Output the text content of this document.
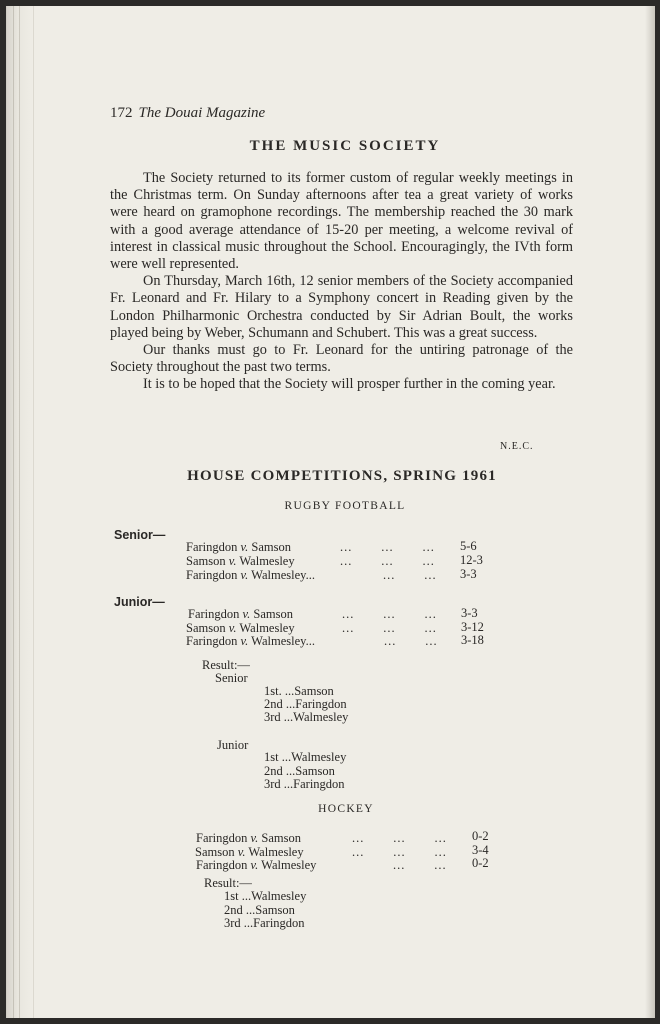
172 The Douai Magazine
THE MUSIC SOCIETY

The Society returned to its former custom of regular weekly meetings in the Christmas term. On Sunday afternoons after tea a great variety of works were heard on gramophone recordings. The membership reached the 30 mark with a good average attendance of 15-20 per meeting, a welcome revival of interest in classical music throughout the School. Encouragingly, the IVth form were well represented.

On Thursday, March 16th, 12 senior members of the Society accompanied Fr. Leonard and Fr. Hilary to a Symphony concert in Reading given by the London Philharmonic Orchestra conducted by Sir Adrian Boult, the works played being by Weber, Schumann and Schubert. This was a great success.

Our thanks must go to Fr. Leonard for the untiring patronage of the Society throughout the past two terms.

It is to be hoped that the Society will prosper further in the coming year.

N.E.C.
HOUSE COMPETITIONS, SPRING 1961
RUGBY FOOTBALL
Senior—
Faringdon v. Samson	...       ...       ... 5-6
Samson v. Walmesley	...       ...       ... 12-3
Faringdon v. Walmesley...	...       ... 3-3
Junior—
Faringdon v. Samson	...       ...       ... 3-3
Samson v. Walmesley	...       ...       ... 3-12
Faringdon v. Walmesley...	...       ... 3-18
Result:—
Senior
1st. ...Samson
2nd ...Faringdon
3rd ...Walmesley
Junior
1st ...Walmesley
2nd ...Samson
3rd ...Faringdon
HOCKEY
Faringdon v. Samson	...       ...       ... 0-2
Samson v. Walmesley	...       ...       ... 3-4
Faringdon v. Walmesley	...       ... 0-2
Result:—
1st ...Walmesley
2nd ...Samson
3rd ...Faringdon
